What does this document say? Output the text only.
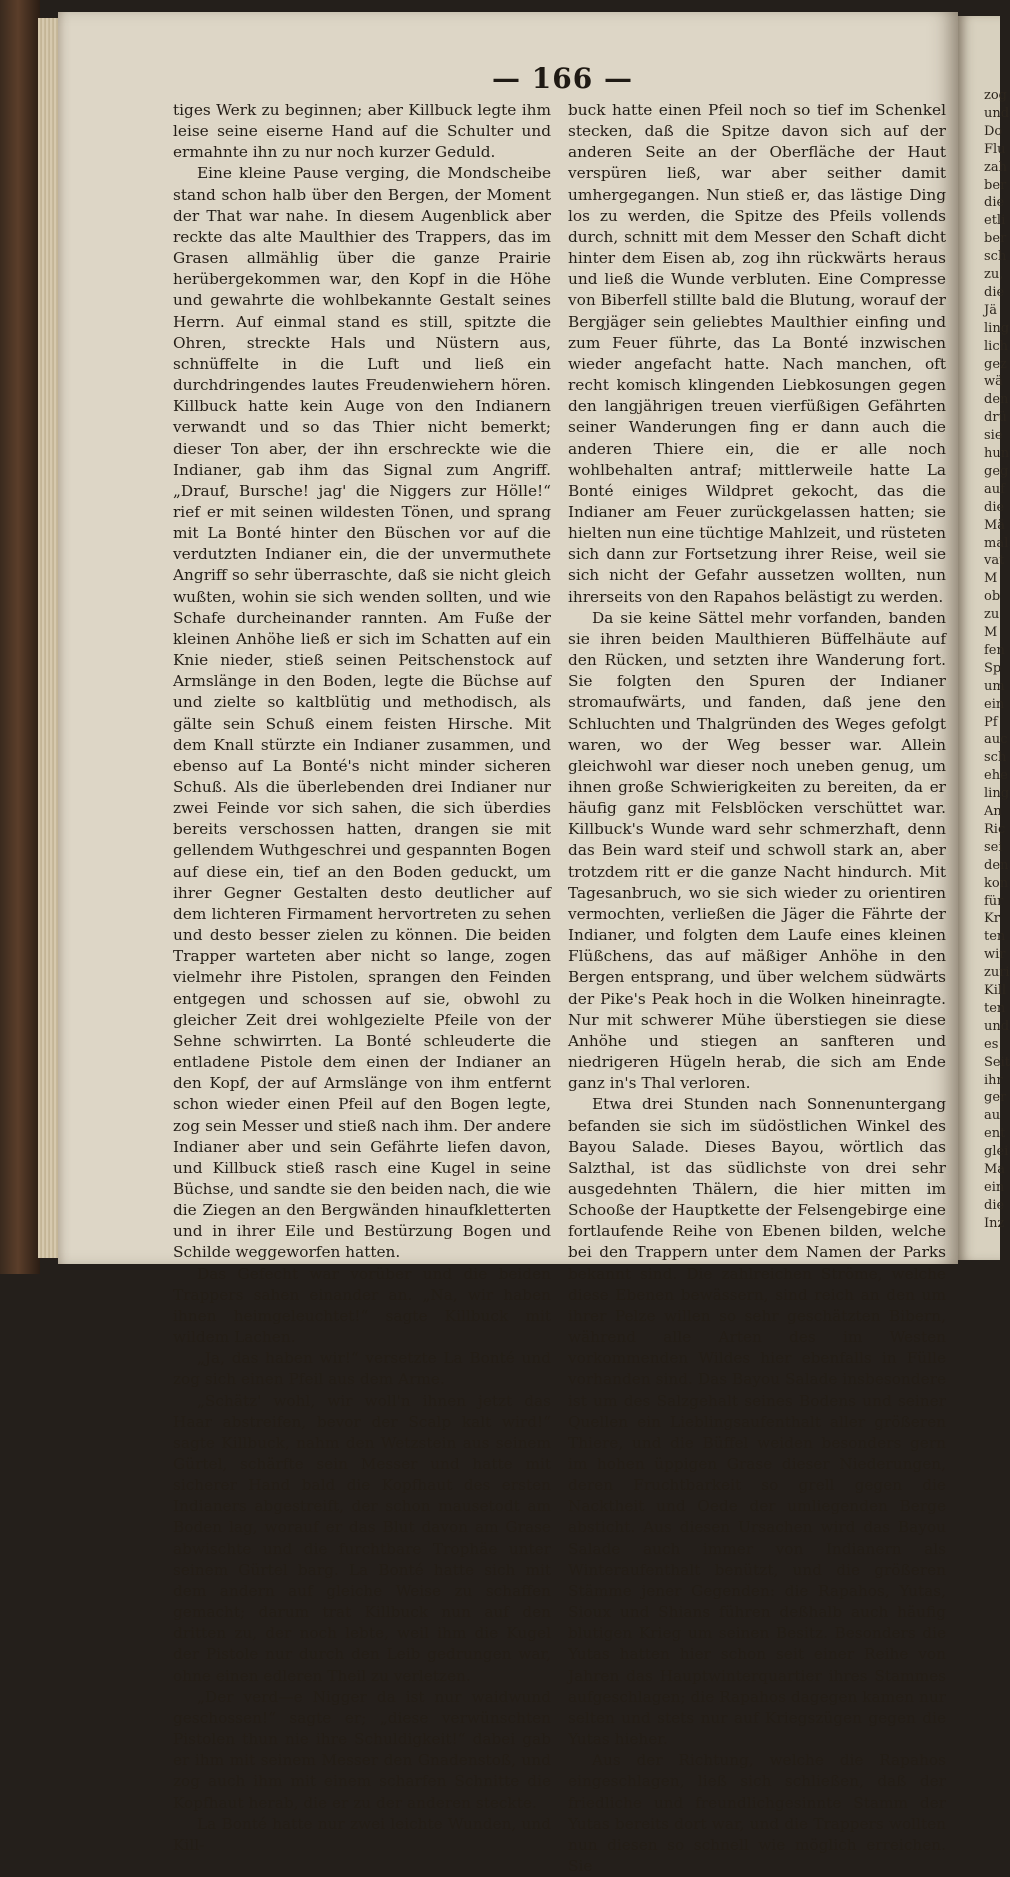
— 166 —

tiges Werk zu beginnen; aber Killbuck legte ihm leise seine eiserne Hand auf die Schulter und ermahnte ihn zu nur noch kurzer Geduld.

Eine kleine Pause verging, die Mondscheibe stand schon halb über den Bergen, der Moment der That war nahe. In diesem Augenblick aber reckte das alte Maulthier des Trappers, das im Grasen allmählig über die ganze Prairie herübergekommen war, den Kopf in die Höhe und gewahrte die wohlbekannte Gestalt seines Herrn. Auf einmal stand es still, spitzte die Ohren, streckte Hals und Nüstern aus, schnüffelte in die Luft und ließ ein durchdringendes lautes Freudenwiehern hören. Killbuck hatte kein Auge von den Indianern verwandt und so das Thier nicht bemerkt; dieser Ton aber, der ihn erschreckte wie die Indianer, gab ihm das Signal zum Angriff. „Drauf, Bursche! jag' die Niggers zur Hölle!“ rief er mit seinen wildesten Tönen, und sprang mit La Bonté hinter den Büschen vor auf die verdutzten Indianer ein, die der unvermuthete Angriff so sehr überraschte, daß sie nicht gleich wußten, wohin sie sich wenden sollten, und wie Schafe durcheinander rannten. Am Fuße der kleinen Anhöhe ließ er sich im Schatten auf ein Knie nieder, stieß seinen Peitschenstock auf Armslänge in den Boden, legte die Büchse auf und zielte so kaltblütig und methodisch, als gälte sein Schuß einem feisten Hirsche. Mit dem Knall stürzte ein Indianer zusammen, und ebenso auf La Bonté's nicht minder sicheren Schuß. Als die überlebenden drei Indianer nur zwei Feinde vor sich sahen, die sich überdies bereits verschossen hatten, drangen sie mit gellendem Wuthgeschrei und gespannten Bogen auf diese ein, tief an den Boden geduckt, um ihrer Gegner Gestalten desto deutlicher auf dem lichteren Firmament hervortreten zu sehen und desto besser zielen zu können. Die beiden Trapper warteten aber nicht so lange, zogen vielmehr ihre Pistolen, sprangen den Feinden entgegen und schossen auf sie, obwohl zu gleicher Zeit drei wohlgezielte Pfeile von der Sehne schwirrten. La Bonté schleuderte die entladene Pistole dem einen der Indianer an den Kopf, der auf Armslänge von ihm entfernt schon wieder einen Pfeil auf den Bogen legte, zog sein Messer und stieß nach ihm. Der andere Indianer aber und sein Gefährte liefen davon, und Killbuck stieß rasch eine Kugel in seine Büchse, und sandte sie den beiden nach, die wie die Ziegen an den Bergwänden hinaufkletterten und in ihrer Eile und Bestürzung Bogen und Schilde weggeworfen hatten.

Das Gefecht war vorüber und die beiden Trappers sahen einander an. „Na, wir haben ihnen heimgeleuchtet!“ sagte Killbuck mit wildem Lachen.

„Ja, das haben wir!“ versetzte La Bonté und zog sich einen Pfeil aus dem Arme.

„Schätz' wohl, wir woll'n ihnen jetzt das Haar abstreifen, bevor der Scalp kalt wird!“ sagte Killbuck, nahm den Wetzstein aus seinem Gürtel, schärfte sein Messer und hatte mit sicherer Hand bald die Kopfhaut des ersten Indianers abgestreift, der schon mausetodt am Boden lag, worauf er das Blut davon am Grase abwischte und die furchtbare Trophäe unter seinem Gürtel barg. La Bonté hatte sich mit dem andern auf gleiche Weise zu schaffen gemacht; darum trat Killbuck nun auf den dritten zu, der noch lebte, weil ihm die Kugel der Pistole nur durch den Leib gedrungen war, ohne einen edleren Theil zu verletzen.

„Der verd—e Nigger da ist nur waidwund geschossen!“ sagte er; „diese verwünschten Pistolen thun nie ihre Schuldigkeit!“ dabei gab er ihm mit seinem Messer den Gnadenstoß, und zog auch ihm mit einem scharfen Schnitte die Kopfhaut herab, die er zu der anderen steckte.

La Bonté hatte nur zwei leichte Wunden, und Kill-

buck hatte einen Pfeil noch so tief im Schenkel stecken, daß die Spitze davon sich auf der anderen Seite an der Oberfläche der Haut verspüren ließ, war aber seither damit umhergegangen. Nun stieß er, das lästige Ding los zu werden, die Spitze des Pfeils vollends durch, schnitt mit dem Messer den Schaft dicht hinter dem Eisen ab, zog ihn rückwärts heraus und ließ die Wunde verbluten. Eine Compresse von Biberfell stillte bald die Blutung, worauf der Bergjäger sein geliebtes Maulthier einfing und zum Feuer führte, das La Bonté inzwischen wieder angefacht hatte. Nach manchen, oft recht komisch klingenden Liebkosungen gegen den langjährigen treuen vierfüßigen Gefährten seiner Wanderungen fing er dann auch die anderen Thiere ein, die er alle noch wohlbehalten antraf; mittlerweile hatte La Bonté einiges Wildpret gekocht, das die Indianer am Feuer zurückgelassen hatten; sie hielten nun eine tüchtige Mahlzeit, und rüsteten sich dann zur Fortsetzung ihrer Reise, weil sie sich nicht der Gefahr aussetzen wollten, nun ihrerseits von den Rapahos belästigt zu werden.

Da sie keine Sättel mehr vorfanden, banden sie ihren beiden Maulthieren Büffelhäute auf den Rücken, und setzten ihre Wanderung fort. Sie folgten den Spuren der Indianer stromaufwärts, und fanden, daß jene den Schluchten und Thalgründen des Weges gefolgt waren, wo der Weg besser war. Allein gleichwohl war dieser noch uneben genug, um ihnen große Schwierigkeiten zu bereiten, da er häufig ganz mit Felsblöcken verschüttet war. Killbuck's Wunde ward sehr schmerzhaft, denn das Bein ward steif und schwoll stark an, aber trotzdem ritt er die ganze Nacht hindurch. Mit Tagesanbruch, wo sie sich wieder zu orientiren vermochten, verließen die Jäger die Fährte der Indianer, und folgten dem Laufe eines kleinen Flüßchens, das auf mäßiger Anhöhe in den Bergen entsprang, und über welchem südwärts der Pike's Peak hoch in die Wolken hineinragte. Nur mit schwerer Mühe überstiegen sie diese Anhöhe und stiegen an sanfteren und niedrigeren Hügeln herab, die sich am Ende ganz in's Thal verloren.

Etwa drei Stunden nach Sonnenuntergang befanden sie sich im südöstlichen Winkel des Bayou Salade. Dieses Bayou, wörtlich das Salzthal, ist das südlichste von drei sehr ausgedehnten Thälern, die hier mitten im Schooße der Hauptkette der Felsengebirge eine fortlaufende Reihe von Ebenen bilden, welche bei den Trappern unter dem Namen der Parks bekannt sind. Die zahlreichen Ströme, welche diese Ebenen bewässern, sind reich an den um ihrer Pelze willen so sehr geschätzten Bibern, während alle Arten des im Westen vorkommenden Wildes hier ebenfalls in Fülle vorhanden sind. Das Bayou Salade insbesondere ist um des Salzgehalt seines Bodens und seiner Quellen ein Lieblingsaufenthalt aller größeren Thiere, und die Büffel weiden besonders gern im hohen üppigen Grase dieser Niederungen, deren Fruchtbarkeit so grell gegen die Nacktheit und Oede der umliegenden Berge absticht. Aus diesen Ursachen wird das Bayou Salade auch immer von Indianern als Winteraufenthalt benützt, und die größeren Stämme jener Gegenden: die Rapahos, Yutas, Sioux und Shians führen deßhalb auch häufig blutigen Krieg um seinen Besitz. Besonders die Yutas hatten hier schon seit einer Reihe von Jahren das Hauptwinterquartier ihres Stammes aufgeschlagen; die Rapahos dagegen kamen nur selten und stets nur auf Kriegszügen gegen die Yutas hieher.

Aus der Richtung, welche die Rapahos eingeschlagen, ließ sich schließen, daß der friedliche und freundlichgesinnte Stamm der Yutas bereits dort war, und die Trappers wollten nun diesen so schnell wie möglich erreichen. Sie

zog
und
Do
Flu
zah
ber
die
etli
ber
sch
zu,
die
Jä
ling
lich
gez
wä
den
drü
sie
hun
geg
auf
die
Mä
mal
vat
M
ob
zu
M
fen
Sp
um
ein
Pf
auc
sch
ehe
ling
An
Ric
sei
den
kon
für
Kr
ten
wir
zuri
Kill
ten
und
es
Seit
ihr
ger
au
ent
glei
Ma
ein
die
Inz
